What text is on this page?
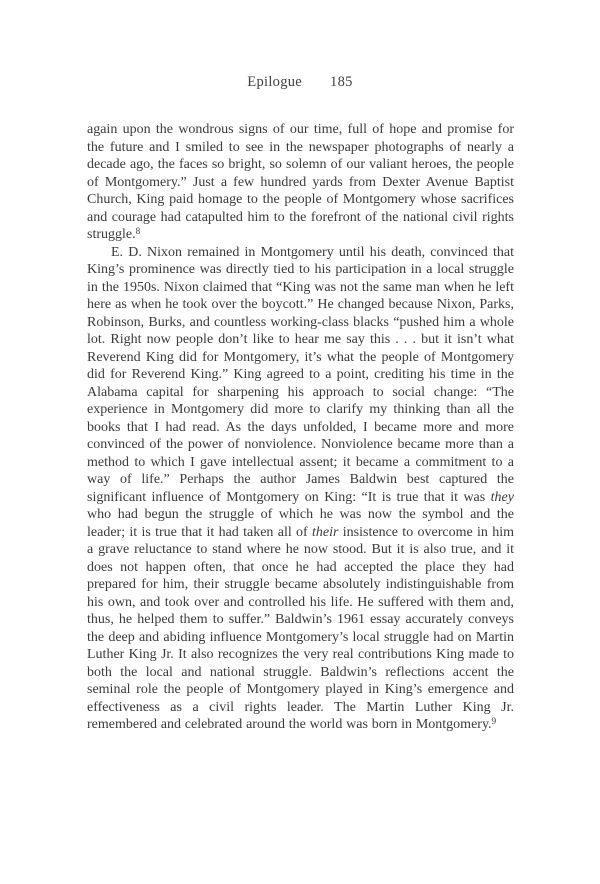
Epilogue 185

again upon the wondrous signs of our time, full of hope and promise for the future and I smiled to see in the newspaper photographs of nearly a decade ago, the faces so bright, so solemn of our valiant heroes, the people of Montgomery.” Just a few hundred yards from Dexter Avenue Baptist Church, King paid homage to the people of Montgomery whose sacrifices and courage had catapulted him to the forefront of the national civil rights struggle.$^8$

E. D. Nixon remained in Montgomery until his death, convinced that King’s prominence was directly tied to his participation in a local struggle in the 1950s. Nixon claimed that “King was not the same man when he left here as when he took over the boycott.” He changed because Nixon, Parks, Robinson, Burks, and countless working-class blacks “pushed him a whole lot. Right now people don’t like to hear me say this . . . but it isn’t what Reverend King did for Montgomery, it’s what the people of Montgomery did for Reverend King.” King agreed to a point, crediting his time in the Alabama capital for sharpening his approach to social change: “The experience in Montgomery did more to clarify my thinking than all the books that I had read. As the days unfolded, I became more and more convinced of the power of nonviolence. Nonviolence became more than a method to which I gave intellectual assent; it became a commitment to a way of life.” Perhaps the author James Baldwin best captured the significant influence of Montgomery on King: “It is true that it was they who had begun the struggle of which he was now the symbol and the leader; it is true that it had taken all of their insistence to overcome in him a grave reluctance to stand where he now stood. But it is also true, and it does not happen often, that once he had accepted the place they had prepared for him, their struggle became absolutely indistinguishable from his own, and took over and controlled his life. He suffered with them and, thus, he helped them to suffer.” Baldwin’s 1961 essay accurately conveys the deep and abiding influence Montgomery’s local struggle had on Martin Luther King Jr. It also recognizes the very real contributions King made to both the local and national struggle. Baldwin’s reflections accent the seminal role the people of Montgomery played in King’s emergence and effectiveness as a civil rights leader. The Martin Luther King Jr. remembered and celebrated around the world was born in Montgomery.$^9$
